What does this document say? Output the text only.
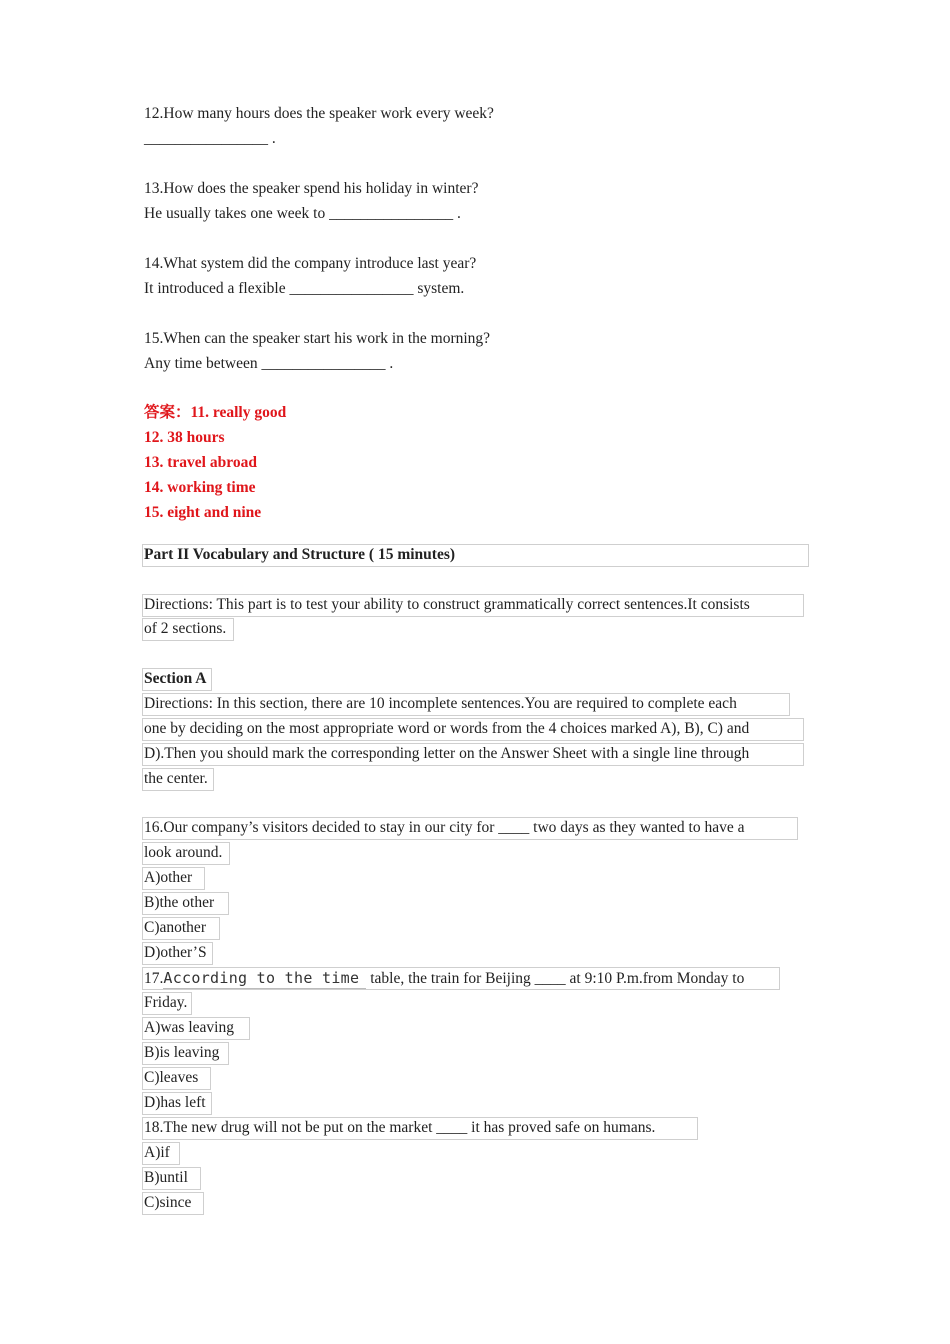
12.How many hours does the speaker work every week?
________________ .
13.How does the speaker spend his holiday in winter?
He usually takes one week to ________________ .
14.What system did the company introduce last year?
It introduced a flexible ________________ system.
15.When can the speaker start his work in the morning?
Any time between ________________ .
答案：11. really good
12. 38 hours
13. travel abroad
14. working time
15. eight and nine
Part II Vocabulary and Structure ( 15 minutes)
Directions: This part is to test your ability to construct grammatically correct sentences.It consists
of 2 sections.
Section A
Directions: In this section, there are 10 incomplete sentences.You are required to complete each
one by deciding on the most appropriate word or words from the 4 choices marked A), B), C) and
D).Then you should mark the corresponding letter on the Answer Sheet with a single line through
the center.
16.Our company’s visitors decided to stay in our city for ____ two days as they wanted to have a
look around.
A)other
B)the other
C)another
D)other’S
17.According to the time table, the train for Beijing ____ at 9:10 P.m.from Monday to
Friday.
A)was leaving
B)is leaving
C)leaves
D)has left
18.The new drug will not be put on the market ____ it has proved safe on humans.
A)if
B)until
C)since
